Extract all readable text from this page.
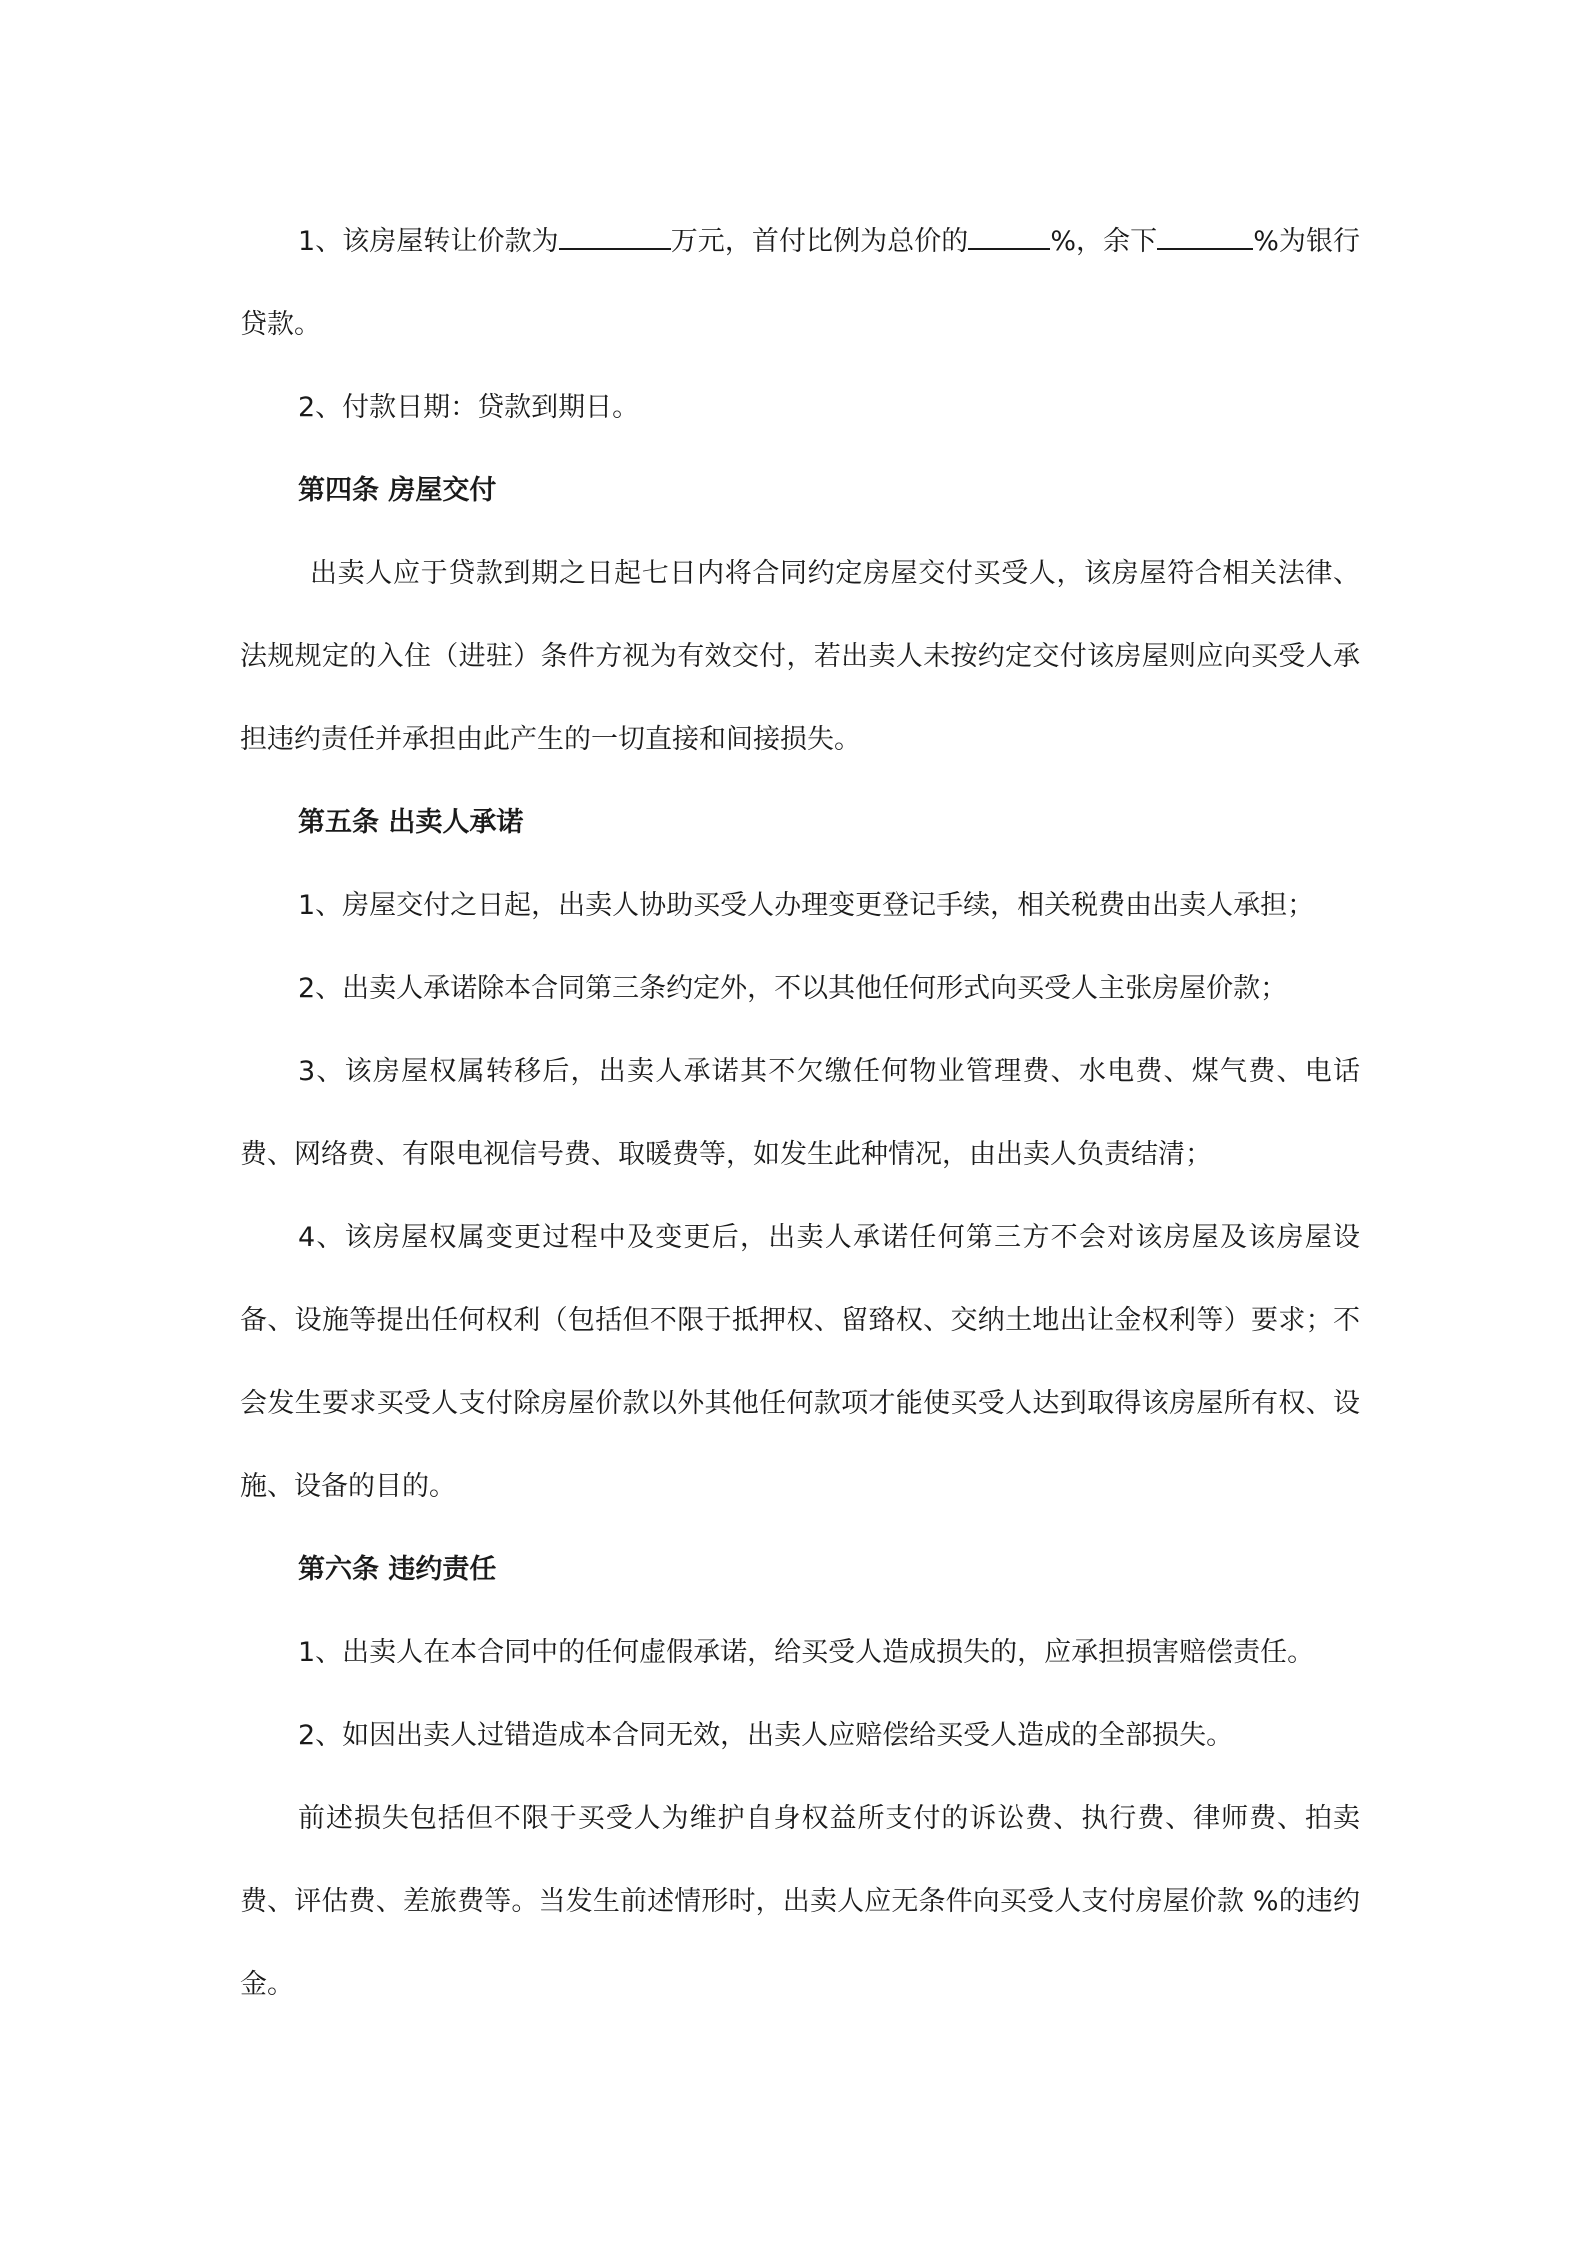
1、该房屋转让价款为	万元，首付比例为总价的	%，余下	%为银行贷款。

2、付款日期：贷款到期日。

第四条 房屋交付

出卖人应于贷款到期之日起七日内将合同约定房屋交付买受人，该房屋符合相关法律、法规规定的入住（进驻）条件方视为有效交付，若出卖人未按约定交付该房屋则应向买受人承担违约责任并承担由此产生的一切直接和间接损失。

第五条 出卖人承诺

1、房屋交付之日起，出卖人协助买受人办理变更登记手续，相关税费由出卖人承担；

2、出卖人承诺除本合同第三条约定外，不以其他任何形式向买受人主张房屋价款；

3、该房屋权属转移后，出卖人承诺其不欠缴任何物业管理费、水电费、煤气费、电话费、网络费、有限电视信号费、取暖费等，如发生此种情况，由出卖人负责结清；

4、该房屋权属变更过程中及变更后，出卖人承诺任何第三方不会对该房屋及该房屋设备、设施等提出任何权利（包括但不限于抵押权、留臵权、交纳土地出让金权利等）要求；不会发生要求买受人支付除房屋价款以外其他任何款项才能使买受人达到取得该房屋所有权、设施、设备的目的。

第六条 违约责任

1、出卖人在本合同中的任何虚假承诺，给买受人造成损失的，应承担损害赔偿责任。

2、如因出卖人过错造成本合同无效，出卖人应赔偿给买受人造成的全部损失。

前述损失包括但不限于买受人为维护自身权益所支付的诉讼费、执行费、律师费、拍卖费、评估费、差旅费等。当发生前述情形时，出卖人应无条件向买受人支付房屋价款 %的违约金。
